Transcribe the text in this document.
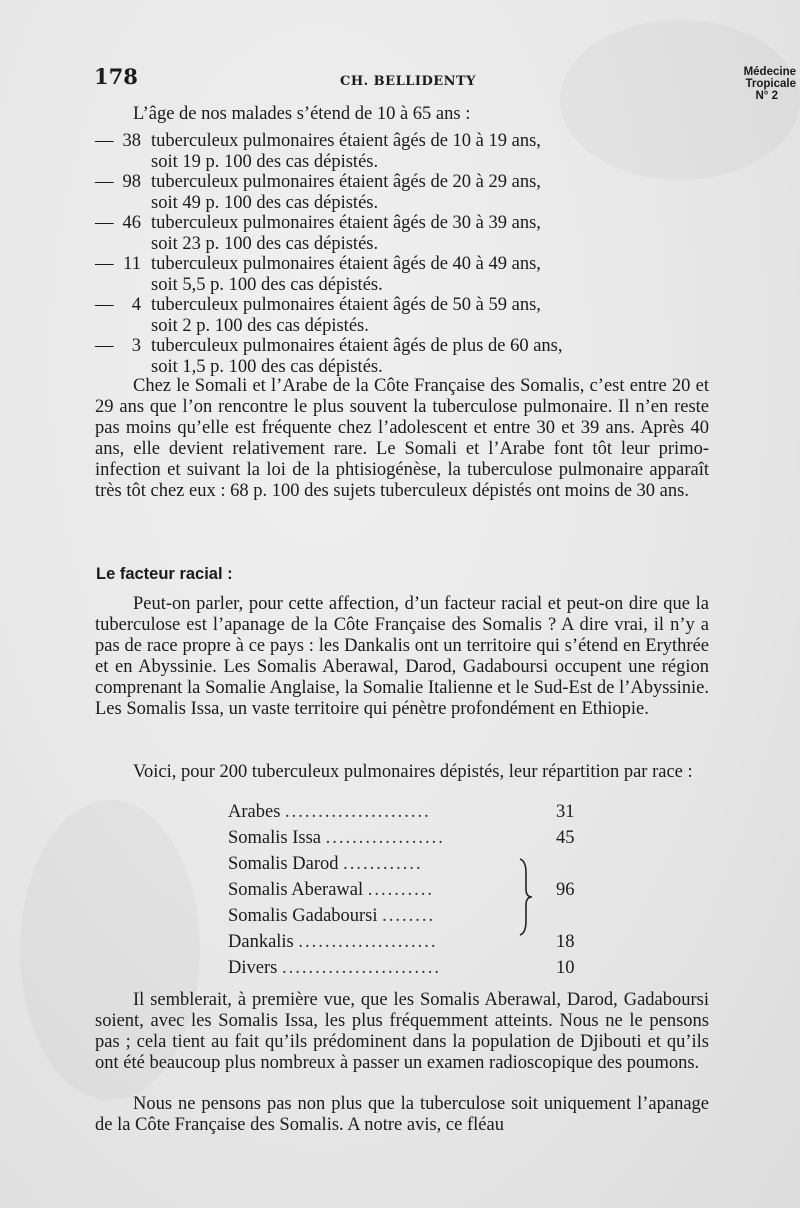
178	CH. BELLIDENTY
Médecine
Tropicale
N° 2
L’âge de nos malades s’étend de 10 à 65 ans :
— 38 tuberculeux pulmonaires étaient âgés de 10 à 19 ans,
soit 19 p. 100 des cas dépistés.
— 98 tuberculeux pulmonaires étaient âgés de 20 à 29 ans,
soit 49 p. 100 des cas dépistés.
— 46 tuberculeux pulmonaires étaient âgés de 30 à 39 ans,
soit 23 p. 100 des cas dépistés.
— 11 tuberculeux pulmonaires étaient âgés de 40 à 49 ans,
soit 5,5 p. 100 des cas dépistés.
— 4 tuberculeux pulmonaires étaient âgés de 50 à 59 ans,
soit 2 p. 100 des cas dépistés.
— 3 tuberculeux pulmonaires étaient âgés de plus de 60 ans,
soit 1,5 p. 100 des cas dépistés.

Chez le Somali et l’Arabe de la Côte Française des Somalis, c’est entre 20 et 29 ans que l’on rencontre le plus souvent la tuberculose pulmonaire. Il n’en reste pas moins qu’elle est fréquente chez l’adolescent et entre 30 et 39 ans. Après 40 ans, elle devient relativement rare. Le Somali et l’Arabe font tôt leur primo-infection et suivant la loi de la phtisiogénèse, la tuberculose pulmonaire apparaît très tôt chez eux : 68 p. 100 des sujets tuberculeux dépistés ont moins de 30 ans.

Le facteur racial :

Peut-on parler, pour cette affection, d’un facteur racial et peut-on dire que la tuberculose est l’apanage de la Côte Française des Somalis ? A dire vrai, il n’y a pas de race propre à ce pays : les Dankalis ont un territoire qui s’étend en Erythrée et en Abyssinie. Les Somalis Aberawal, Darod, Gadaboursi occupent une région comprenant la Somalie Anglaise, la Somalie Italienne et le Sud-Est de l’Abyssinie. Les Somalis Issa, un vaste territoire qui pénètre profondément en Ethiopie.

Voici, pour 200 tuberculeux pulmonaires dépistés, leur répartition par race :

Arabes ......................	31
Somalis Issa ..................	45
Somalis Darod ............
Somalis Aberawal ..........	96
Somalis Gadaboursi ........
Dankalis .....................	18
Divers ........................	10

Il semblerait, à première vue, que les Somalis Aberawal, Darod, Gadaboursi soient, avec les Somalis Issa, les plus fréquemment atteints. Nous ne le pensons pas ; cela tient au fait qu’ils prédominent dans la population de Djibouti et qu’ils ont été beaucoup plus nombreux à passer un examen radioscopique des poumons.

Nous ne pensons pas non plus que la tuberculose soit uniquement l’apanage de la Côte Française des Somalis. A notre avis, ce fléau
